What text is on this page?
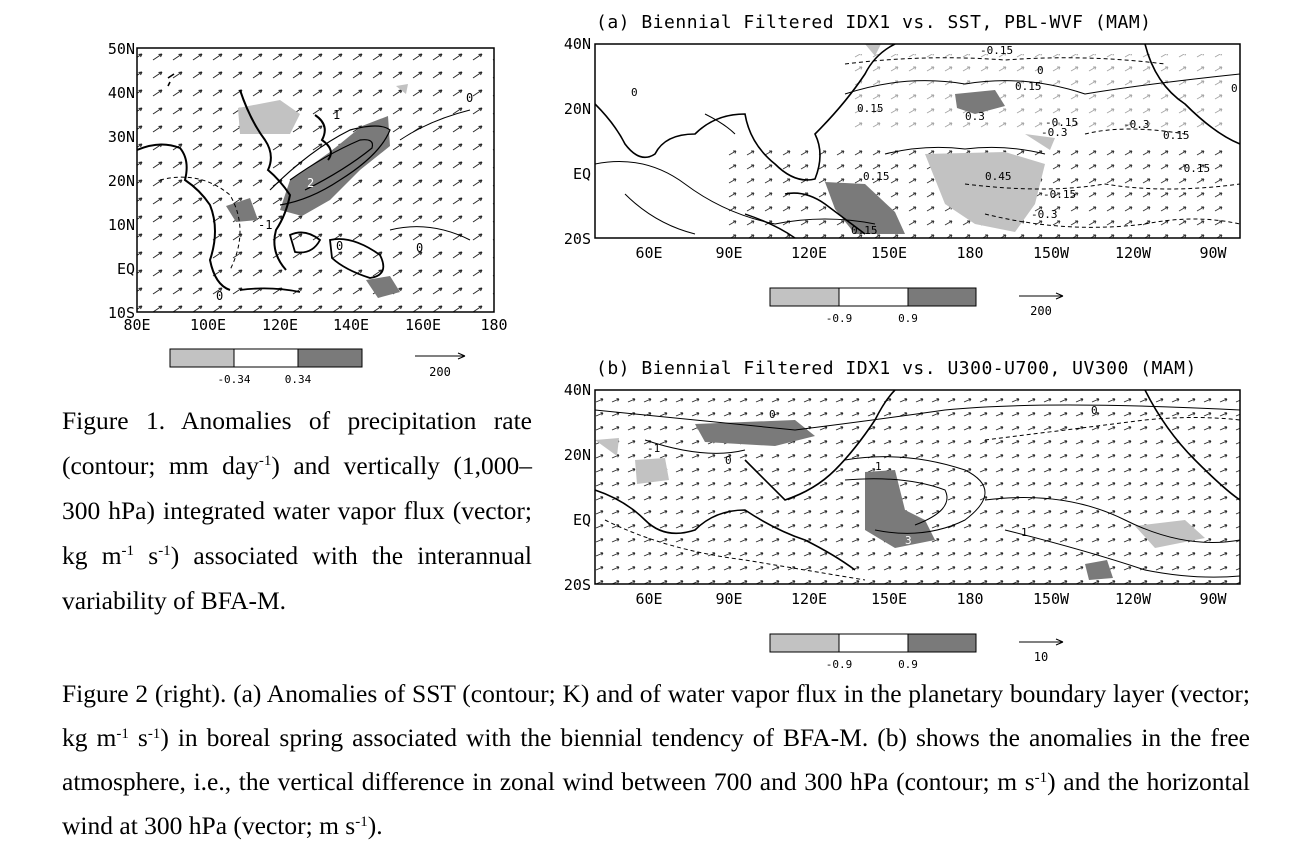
1
2
-1
0
0
0
0
50N
40N
30N
20N
10N
EQ
10S
80E	100E 120E 140E 160E	180
-0.34	0.34
200
Figure 1. Anomalies of precipitation rate (contour; mm day$^{-1}$) and vertically (1,000–300 hPa) integrated water vapor flux (vector; kg $m^{-1}$ $s^{-1}$) associated with the interannual variability of BFA-M.
(a) Biennial Filtered IDX1 vs. SST, PBL-WVF (MAM)
-0.15
0
0.15
0.15
0.3	-0.15
-0.3
-0.3
0.15
0.15	0.45
-0.15
-0.3
0.15
-0.15
0	0
40N
20N
EQ
20S
60E	90E	120E	150E	180	150W	120W	90W
-0.9	0.9
200
(b) Biennial Filtered IDX1 vs. U300-U700, UV300 (MAM)
0
-1
0	1
3
1
0
40N
20N
EQ
20S
60E	90E	120E	150E	180	150W	120W	90W
-0.9	0.9
10
Figure 2 (right). (a) Anomalies of SST (contour; K) and of water vapor flux in the planetary boundary layer (vector; kg $m^{-1}$ $s^{-1}$) in boreal spring associated with the biennial tendency of BFA-M. (b) shows the anomalies in the free atmosphere, i.e., the vertical difference in zonal wind between 700 and 300 hPa (contour; m $s^{-1}$) and the horizontal wind at 300 hPa (vector; m $s^{-1}$).
